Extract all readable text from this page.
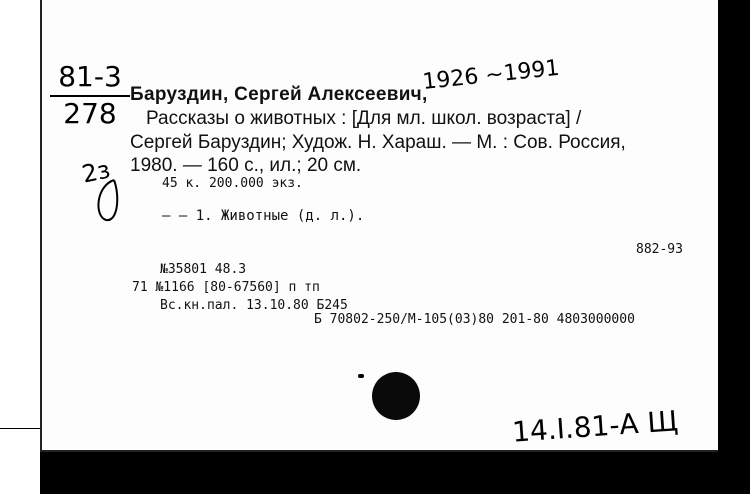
81-3
278
Баруздин, Сергей Алексеевич,
1926 ~1991
Рассказы о животных : [Для мл. школ. возраста] /
Сергей Баруздин; Худож. Н. Хараш. — М. : Сов. Россия,
1980. — 160 с., ил.; 20 см.
2з	45 к. 200.000 экз.
— — 1. Животные (д. л.).
882-93
№35801 48.3
71 №1166 [80-67560] п тп
Вс.кн.пал. 13.10.80 Б245
Б 70802-250/М-105(03)80 201-80 4803000000
14.I.81-А Щ
